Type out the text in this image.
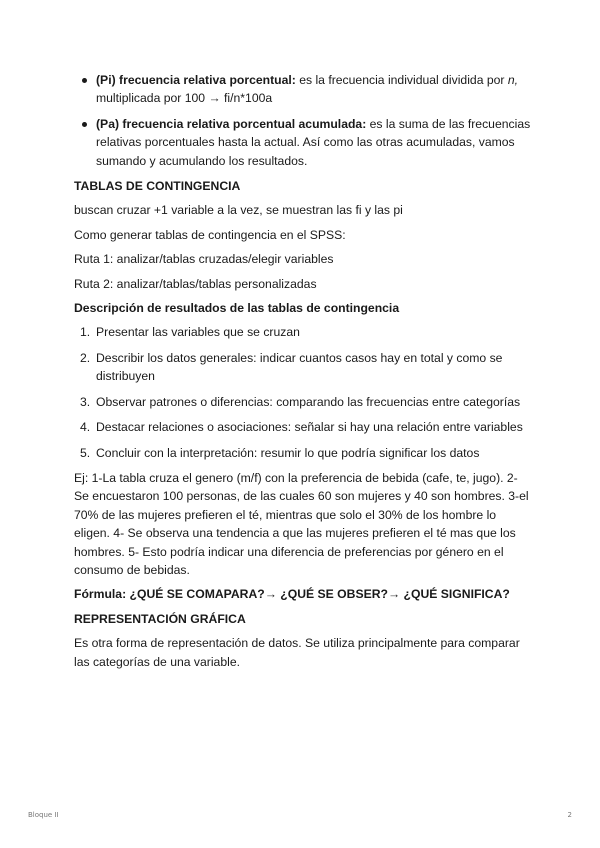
(Pi) frecuencia relativa porcentual: es la frecuencia individual dividida por n, multiplicada por 100 → fi/n*100a
(Pa) frecuencia relativa porcentual acumulada: es la suma de las frecuencias relativas porcentuales hasta la actual. Así como las otras acumuladas, vamos sumando y acumulando los resultados.
TABLAS DE CONTINGENCIA

buscan cruzar +1 variable a la vez, se muestran las fi y las pi

Como generar tablas de contingencia en el SPSS:

Ruta 1: analizar/tablas cruzadas/elegir variables

Ruta 2: analizar/tablas/tablas personalizadas

Descripción de resultados de las tablas de contingencia
1. Presentar las variables que se cruzan
2. Describir los datos generales: indicar cuantos casos hay en total y como se distribuyen
3. Observar patrones o diferencias: comparando las frecuencias entre categorías
4. Destacar relaciones o asociaciones: señalar si hay una relación entre variables
5. Concluir con la interpretación: resumir lo que podría significar los datos

Ej: 1-La tabla cruza el genero (m/f) con la preferencia de bebida (cafe, te, jugo). 2- Se encuestaron 100 personas, de las cuales 60 son mujeres y 40 son hombres. 3-el 70% de las mujeres prefieren el té, mientras que solo el 30% de los hombre lo eligen. 4- Se observa una tendencia a que las mujeres prefieren el té mas que los hombres. 5- Esto podría indicar una diferencia de preferencias por género en el consumo de bebidas.

Fórmula: ¿QUÉ SE COMAPARA?→ ¿QUÉ SE OBSER?→ ¿QUÉ SIGNIFICA?
REPRESENTACIÓN GRÁFICA

Es otra forma de representación de datos. Se utiliza principalmente para comparar las categorías de una variable.

Bloque II	2
